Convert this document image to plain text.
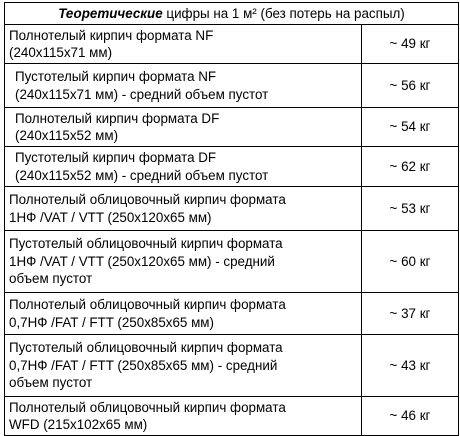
Теоретические цифры на 1 м² (без потерь на распыл)	

Полнотелый кирпич формата NF
(240x115x71 мм)	~ 49 кг

Пустотелый кирпич формата NF
(240x115x71 мм) - средний объем пустот	~ 56 кг

Полнотелый кирпич формата DF
(240x115x52 мм)	~ 54 кг

Пустотелый кирпич формата DF
(240x115x52 мм) - средний объем пустот	~ 62 кг

Полнотелый облицовочный кирпич формата
1НФ /VAT / VTT (250x120x65 мм)	~ 53 кг

Пустотелый облицовочный кирпич формата
1НФ /VAT / VTT (250x120x65 мм) - средний
объем пустот	~ 60 кг

Полнотелый облицовочный кирпич формата
0,7НФ /FAT / FTT (250x85x65 мм)	~ 37 кг

Пустотелый облицовочный кирпич формата
0,7НФ /FAT / FTT (250x85x65 мм) - средний
объем пустот	~ 43 кг

Полнотелый облицовочный кирпич формата
WFD (215x102x65 мм)	~ 46 кг
